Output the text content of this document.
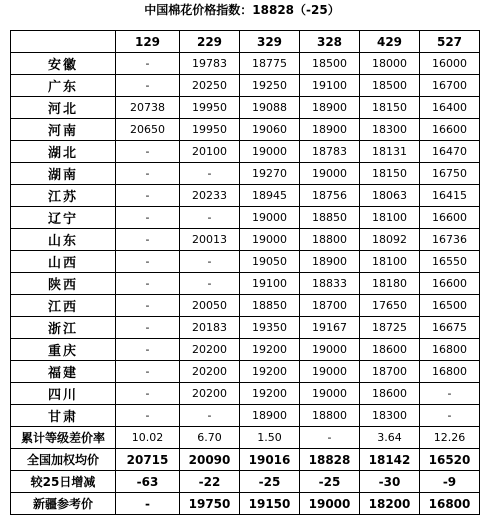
中国棉花价格指数：18828（-25）
	129	229	329	328	429	527
安徽	-	19783	18775	18500	18000	16000
广东	-	20250	19250	19100	18500	16700
河北	20738	19950	19088	18900	18150	16400
河南	20650	19950	19060	18900	18300	16600
湖北	-	20100	19000	18783	18131	16470
湖南	-	-	19270	19000	18150	16750
江苏	-	20233	18945	18756	18063	16415
辽宁	-	-	19000	18850	18100	16600
山东	-	20013	19000	18800	18092	16736
山西	-	-	19050	18900	18100	16550
陕西	-	-	19100	18833	18180	16600
江西	-	20050	18850	18700	17650	16500
浙江	-	20183	19350	19167	18725	16675
重庆	-	20200	19200	19000	18600	16800
福建	-	20200	19200	19000	18700	16800
四川	-	20200	19200	19000	18600	-
甘肃	-	-	18900	18800	18300	-
累计等级差价率	10.02	6.70	1.50	-	3.64	12.26
全国加权均价	20715	20090	19016	18828	18142	16520
较25日增减	-63	-22	-25	-25	-30	-9
新疆参考价	-	19750	19150	19000	18200	16800
